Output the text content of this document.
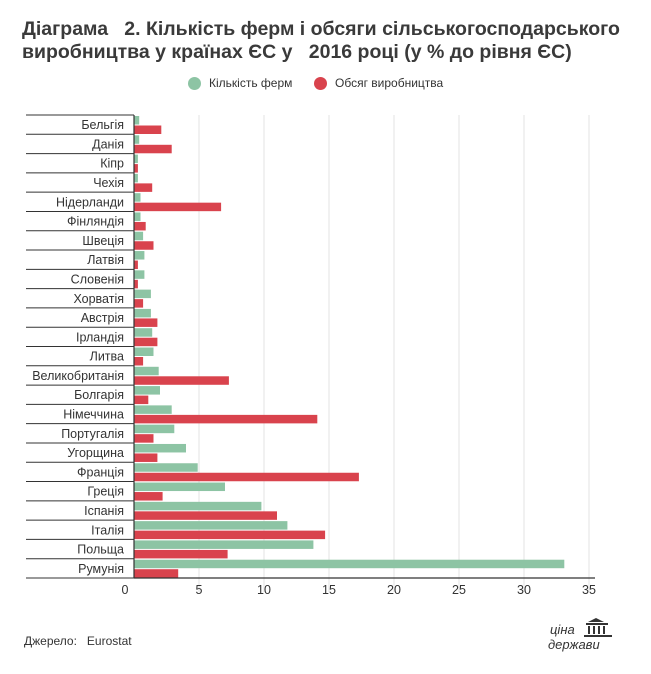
Діаграма   2. Кількість ферм і обсяги сільськогосподарського виробництва у країнах ЄС у   2016 році (у % до рівня ЄС)
Кількість ферм	Обсяг виробництва
Бельгія
Данія
Кіпр
Чехія
Нідерланди
Фінляндія
Швеція
Латвія
Словенія
Хорватія
Австрія
Ірландія
Литва
Великобританія
Болгарія
Німеччина
Португалія
Угорщина
Франція
Греція
Іспанія
Італія
Польща
Румунія
0	5	10	15	20	25	30	35
Джерело:   Eurostat
ціна
держави
